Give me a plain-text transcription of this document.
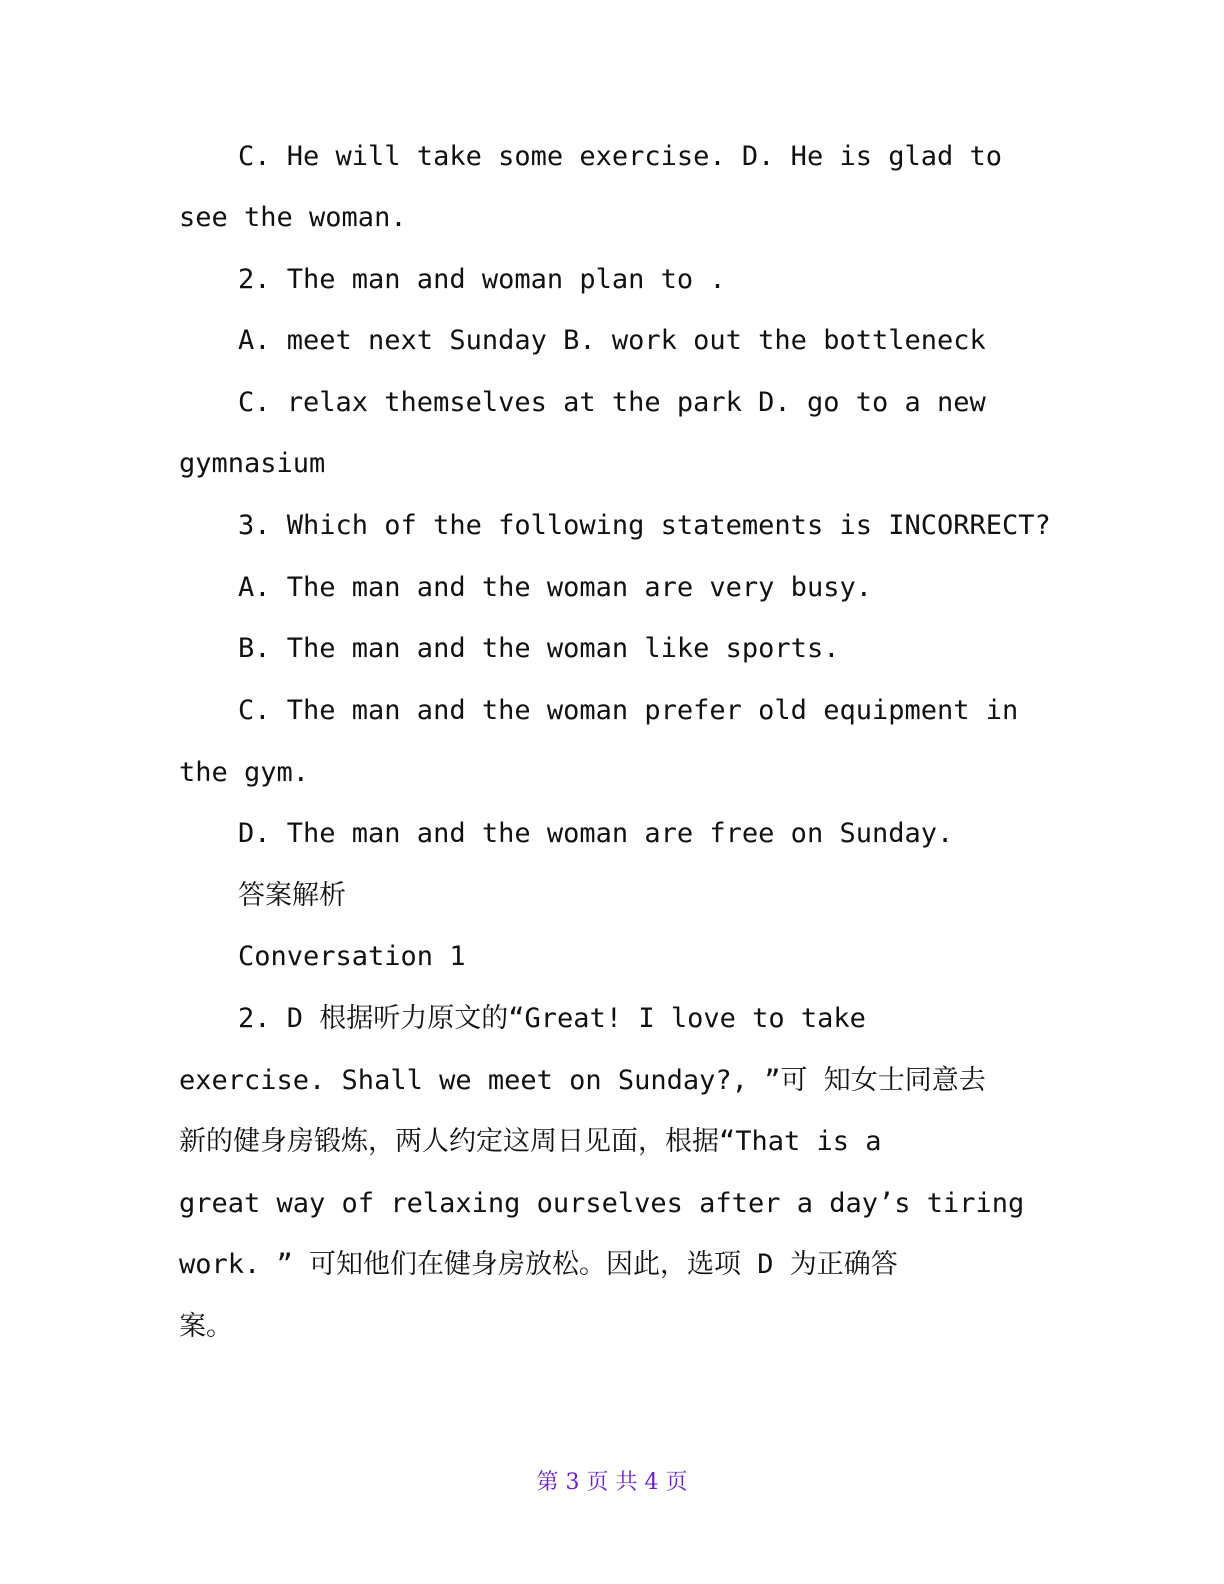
C. He will take some exercise. D. He is glad to
see the woman.
2. The man and woman plan to .
A. meet next Sunday B. work out the bottleneck
C. relax themselves at the park D. go to a new
gymnasium
3. Which of the following statements is INCORRECT?
A. The man and the woman are very busy.
B. The man and the woman like sports.
C. The man and the woman prefer old equipment in
the gym.
D. The man and the woman are free on Sunday.
答案解析
Conversation 1
2. D 根据听力原文的“Great! I love to take
exercise. Shall we meet on Sunday?, ”可 知女士同意去
新的健身房锻炼，两人约定这周日见面，根据“That is a
great way of relaxing ourselves after a day’s tiring
work. ” 可知他们在健身房放松。因此，选项 D 为正确答
案。
第 3 页 共 4 页
